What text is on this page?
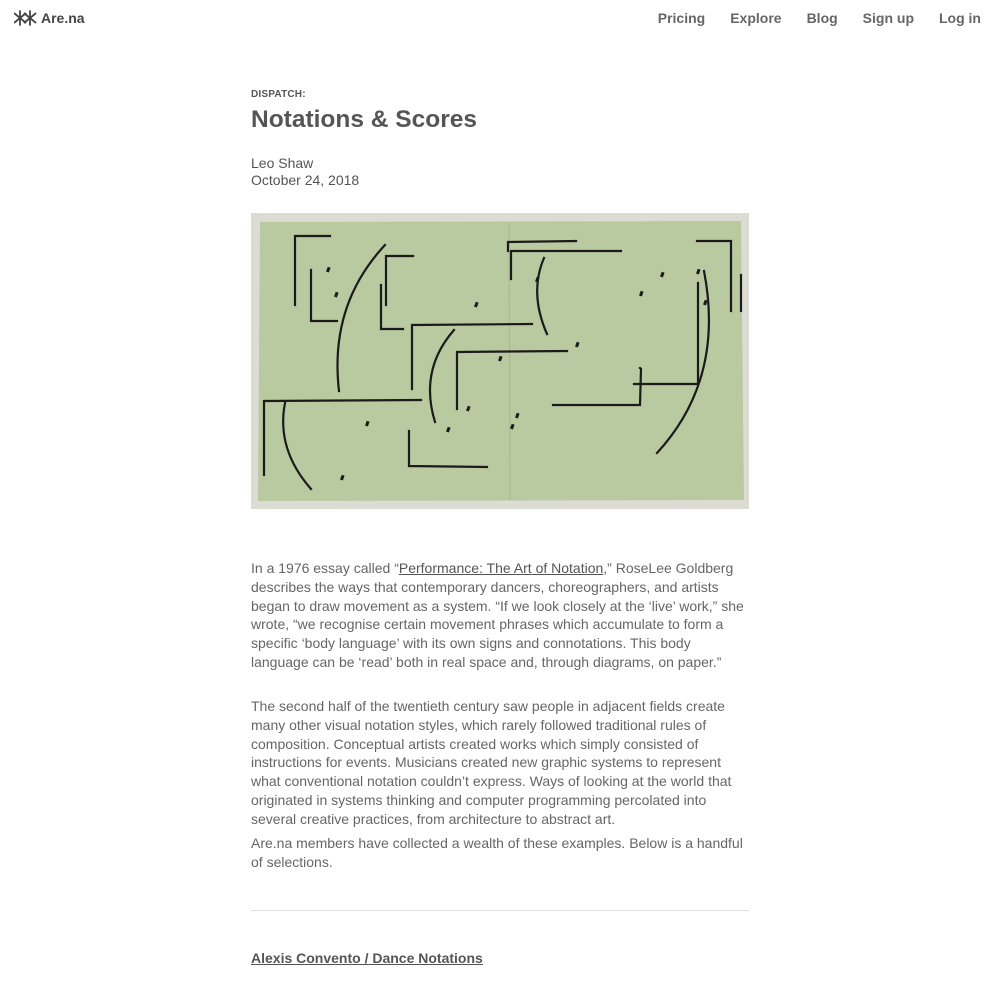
Are.na	Pricing Explore Blog Sign up Log in
DISPATCH:
Notations & Scores
Leo Shaw
October 24, 2018

In a 1976 essay called “Performance: The Art of Notation,” RoseLee Goldberg describes the ways that contemporary dancers, choreographers, and artists began to draw movement as a system. “If we look closely at the ‘live’ work,” she wrote, “we recognise certain movement phrases which accumulate to form a specific ‘body language’ with its own signs and connotations. This body language can be ‘read’ both in real space and, through diagrams, on paper.”

The second half of the twentieth century saw people in adjacent fields create many other visual notation styles, which rarely followed traditional rules of composition. Conceptual artists created works which simply consisted of instructions for events. Musicians created new graphic systems to represent what conventional notation couldn’t express. Ways of looking at the world that originated in systems thinking and computer programming percolated into several creative practices, from architecture to abstract art.

Are.na members have collected a wealth of these examples. Below is a handful of selections.

Alexis Convento / Dance Notations
